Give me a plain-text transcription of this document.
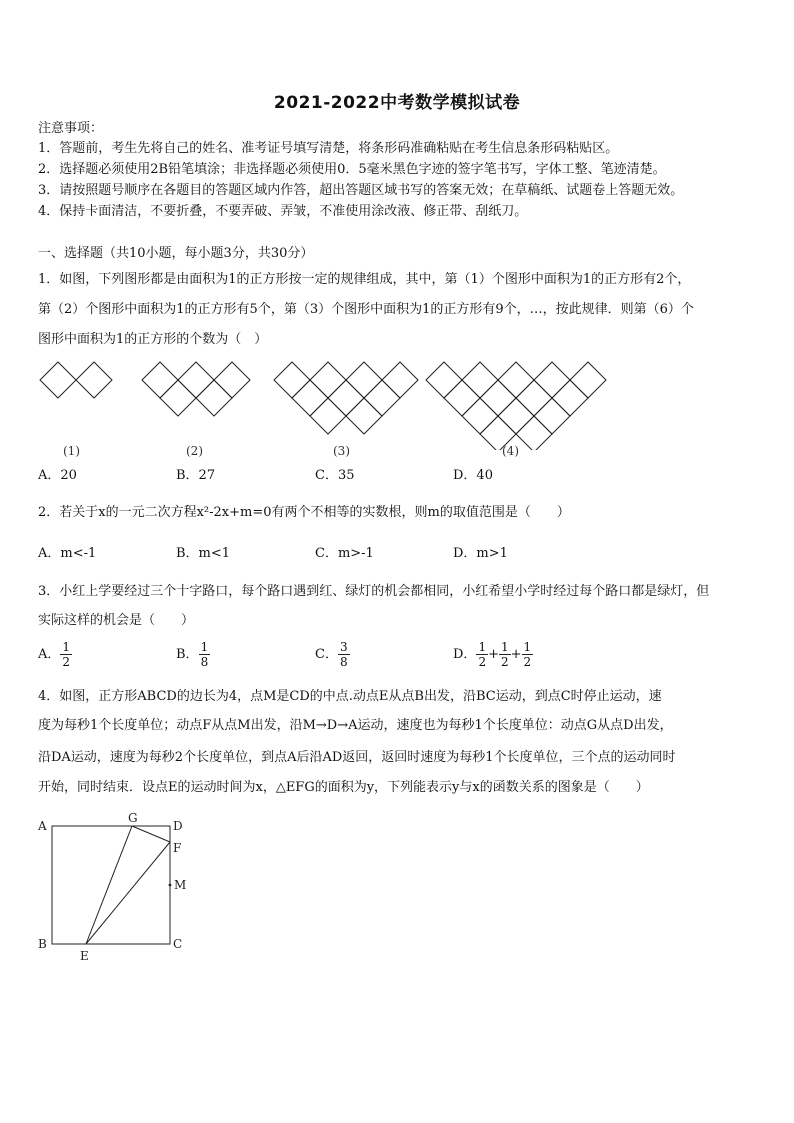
2021-2022中考数学模拟试卷
注意事项：
1．答题前，考生先将自己的姓名、准考证号填写清楚，将条形码准确粘贴在考生信息条形码粘贴区。
2．选择题必须使用2B铅笔填涂；非选择题必须使用0．5毫米黑色字迹的签字笔书写，字体工整、笔迹清楚。
3．请按照题号顺序在各题目的答题区域内作答，超出答题区域书写的答案无效；在草稿纸、试题卷上答题无效。
4．保持卡面清洁，不要折叠，不要弄破、弄皱，不准使用涂改液、修正带、刮纸刀。
一、选择题（共10小题，每小题3分，共30分）
1．如图，下列图形都是由面积为1的正方形按一定的规律组成，其中，第（1）个图形中面积为1的正方形有2个，
第（2）个图形中面积为1的正方形有5个，第（3）个图形中面积为1的正方形有9个，…，按此规律．则第（6）个
图形中面积为1的正方形的个数为（　）
(1)	(2)	(3)	(4)
A．20	B．27	C．35	D．40
2．若关于x的一元二次方程x²-2x+m=0有两个不相等的实数根，则m的取值范围是（　　）
A．m<-1	B．m<1	C．m>-1	D．m>1
3．小红上学要经过三个十字路口，每个路口遇到红、绿灯的机会都相同，小红希望小学时经过每个路口都是绿灯，但
实际这样的机会是（　　）
A． $\frac{1}{2}$	B． $\frac{1}{8}$	C． $\frac{3}{8}$	D． $\frac{1}{2} + \frac{1}{2} + \frac{1}{2}$
4．如图，正方形ABCD的边长为4，点M是CD的中点.动点E从点B出发，沿BC运动，到点C时停止运动，速
度为每秒1个长度单位；动点F从点M出发，沿M→D→A运动，速度也为每秒1个长度单位：动点G从点D出发，
沿DA运动，速度为每秒2个长度单位，到点A后沿AD返回，返回时速度为每秒1个长度单位，三个点的运动同时
开始，同时结束．设点E的运动时间为x，△EFG的面积为y，下列能表示y与x的函数关系的图象是（　　）
A
G
D
F
M
B
E
C
